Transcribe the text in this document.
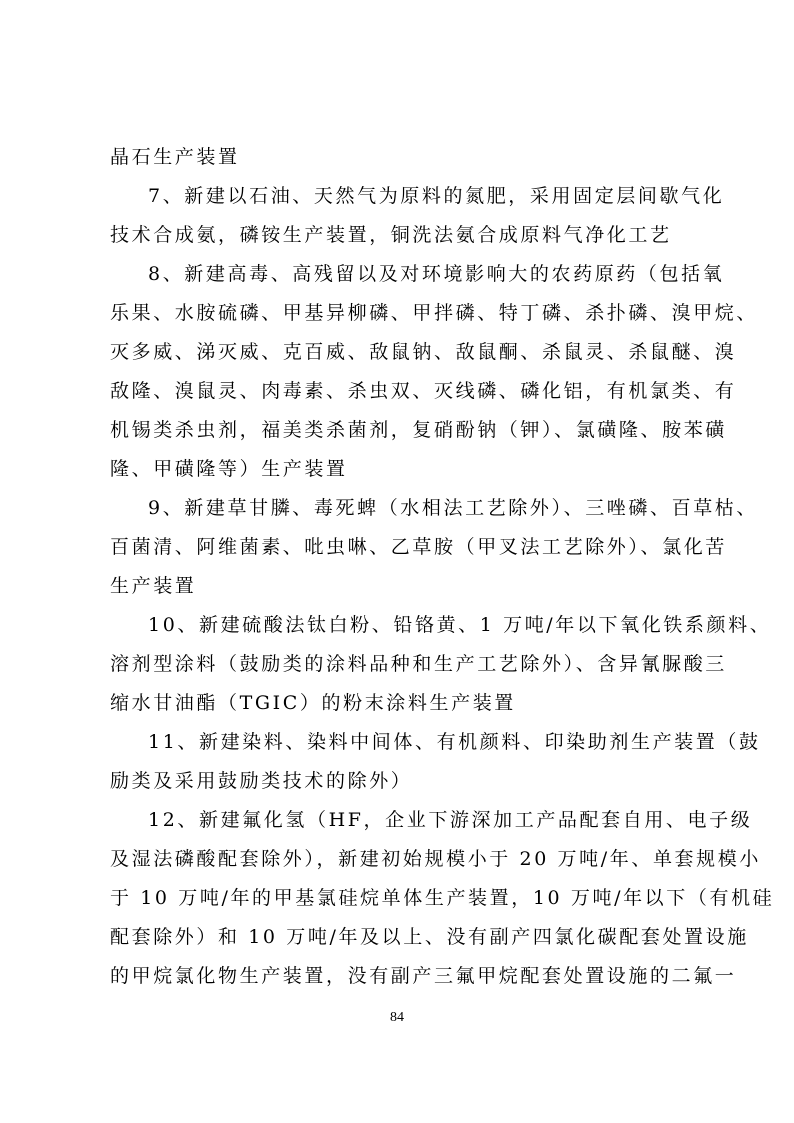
晶石生产装置
7、新建以石油、天然气为原料的氮肥，采用固定层间歇气化
技术合成氨，磷铵生产装置，铜洗法氨合成原料气净化工艺
8、新建高毒、高残留以及对环境影响大的农药原药（包括氧
乐果、水胺硫磷、甲基异柳磷、甲拌磷、特丁磷、杀扑磷、溴甲烷、
灭多威、涕灭威、克百威、敌鼠钠、敌鼠酮、杀鼠灵、杀鼠醚、溴
敌隆、溴鼠灵、肉毒素、杀虫双、灭线磷、磷化铝，有机氯类、有
机锡类杀虫剂，福美类杀菌剂，复硝酚钠（钾）、氯磺隆、胺苯磺
隆、甲磺隆等）生产装置
9、新建草甘膦、毒死蜱（水相法工艺除外）、三唑磷、百草枯、
百菌清、阿维菌素、吡虫啉、乙草胺（甲叉法工艺除外）、氯化苦
生产装置
10、新建硫酸法钛白粉、铅铬黄、1 万吨/年以下氧化铁系颜料、
溶剂型涂料（鼓励类的涂料品种和生产工艺除外）、含异氰脲酸三
缩水甘油酯（TGIC）的粉末涂料生产装置
11、新建染料、染料中间体、有机颜料、印染助剂生产装置（鼓
励类及采用鼓励类技术的除外）
12、新建氟化氢（HF，企业下游深加工产品配套自用、电子级
及湿法磷酸配套除外），新建初始规模小于 20 万吨/年、单套规模小
于 10 万吨/年的甲基氯硅烷单体生产装置，10 万吨/年以下（有机硅
配套除外）和 10 万吨/年及以上、没有副产四氯化碳配套处置设施
的甲烷氯化物生产装置，没有副产三氟甲烷配套处置设施的二氟一
84
